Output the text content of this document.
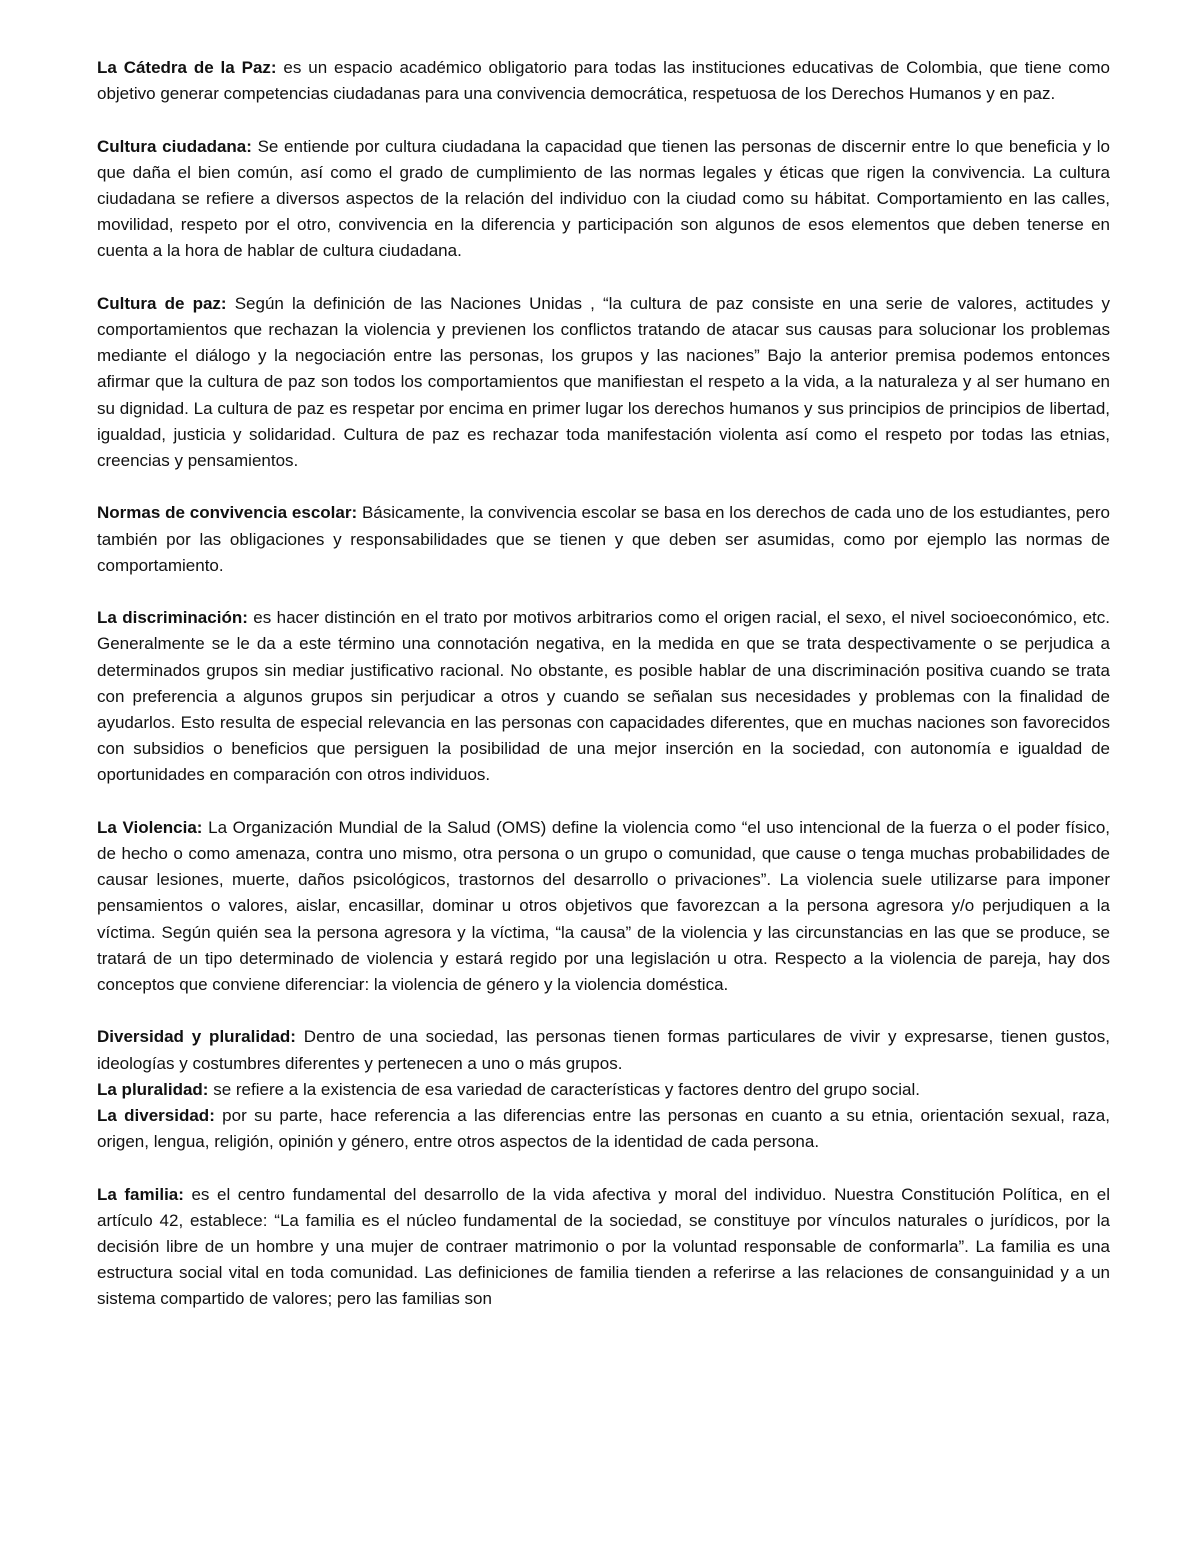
La Cátedra de la Paz: es un espacio académico obligatorio para todas las instituciones educativas de Colombia, que tiene como objetivo generar competencias ciudadanas para una convivencia democrática, respetuosa de los Derechos Humanos y en paz.

Cultura ciudadana: Se entiende por cultura ciudadana la capacidad que tienen las personas de discernir entre lo que beneficia y lo que daña el bien común, así como el grado de cumplimiento de las normas legales y éticas que rigen la convivencia. La cultura ciudadana se refiere a diversos aspectos de la relación del individuo con la ciudad como su hábitat. Comportamiento en las calles, movilidad, respeto por el otro, convivencia en la diferencia y participación son algunos de esos elementos que deben tenerse en cuenta a la hora de hablar de cultura ciudadana.

Cultura de paz: Según la definición de las Naciones Unidas , “la cultura de paz consiste en una serie de valores, actitudes y comportamientos que rechazan la violencia y previenen los conflictos tratando de atacar sus causas para solucionar los problemas mediante el diálogo y la negociación entre las personas, los grupos y las naciones” Bajo la anterior premisa podemos entonces afirmar que la cultura de paz son todos los comportamientos que manifiestan el respeto a la vida, a la naturaleza y al ser humano en su dignidad. La cultura de paz es respetar por encima en primer lugar los derechos humanos y sus principios de principios de libertad, igualdad, justicia y solidaridad. Cultura de paz es rechazar toda manifestación violenta así como el respeto por todas las etnias, creencias y pensamientos.

Normas de convivencia escolar: Básicamente, la convivencia escolar se basa en los derechos de cada uno de los estudiantes, pero también por las obligaciones y responsabilidades que se tienen y que deben ser asumidas, como por ejemplo las normas de comportamiento.

La discriminación: es hacer distinción en el trato por motivos arbitrarios como el origen racial, el sexo, el nivel socioeconómico, etc. Generalmente se le da a este término una connotación negativa, en la medida en que se trata despectivamente o se perjudica a determinados grupos sin mediar justificativo racional. No obstante, es posible hablar de una discriminación positiva cuando se trata con preferencia a algunos grupos sin perjudicar a otros y cuando se señalan sus necesidades y problemas con la finalidad de ayudarlos. Esto resulta de especial relevancia en las personas con capacidades diferentes, que en muchas naciones son favorecidos con subsidios o beneficios que persiguen la posibilidad de una mejor inserción en la sociedad, con autonomía e igualdad de oportunidades en comparación con otros individuos.

La Violencia: La Organización Mundial de la Salud (OMS) define la violencia como “el uso intencional de la fuerza o el poder físico, de hecho o como amenaza, contra uno mismo, otra persona o un grupo o comunidad, que cause o tenga muchas probabilidades de causar lesiones, muerte, daños psicológicos, trastornos del desarrollo o privaciones”. La violencia suele utilizarse para imponer pensamientos o valores, aislar, encasillar, dominar u otros objetivos que favorezcan a la persona agresora y/o perjudiquen a la víctima. Según quién sea la persona agresora y la víctima, “la causa” de la violencia y las circunstancias en las que se produce, se tratará de un tipo determinado de violencia y estará regido por una legislación u otra. Respecto a la violencia de pareja, hay dos conceptos que conviene diferenciar: la violencia de género y la violencia doméstica.

Diversidad y pluralidad: Dentro de una sociedad, las personas tienen formas particulares de vivir y expresarse, tienen gustos, ideologías y costumbres diferentes y pertenecen a uno o más grupos.

La pluralidad: se refiere a la existencia de esa variedad de características y factores dentro del grupo social.

La diversidad: por su parte, hace referencia a las diferencias entre las personas en cuanto a su etnia, orientación sexual, raza, origen, lengua, religión, opinión y género, entre otros aspectos de la identidad de cada persona.

La familia: es el centro fundamental del desarrollo de la vida afectiva y moral del individuo. Nuestra Constitución Política, en el artículo 42, establece: “La familia es el núcleo fundamental de la sociedad, se constituye por vínculos naturales o jurídicos, por la decisión libre de un hombre y una mujer de contraer matrimonio o por la voluntad responsable de conformarla”. La familia es una estructura social vital en toda comunidad. Las definiciones de familia tienden a referirse a las relaciones de consanguinidad y a un sistema compartido de valores; pero las familias son
